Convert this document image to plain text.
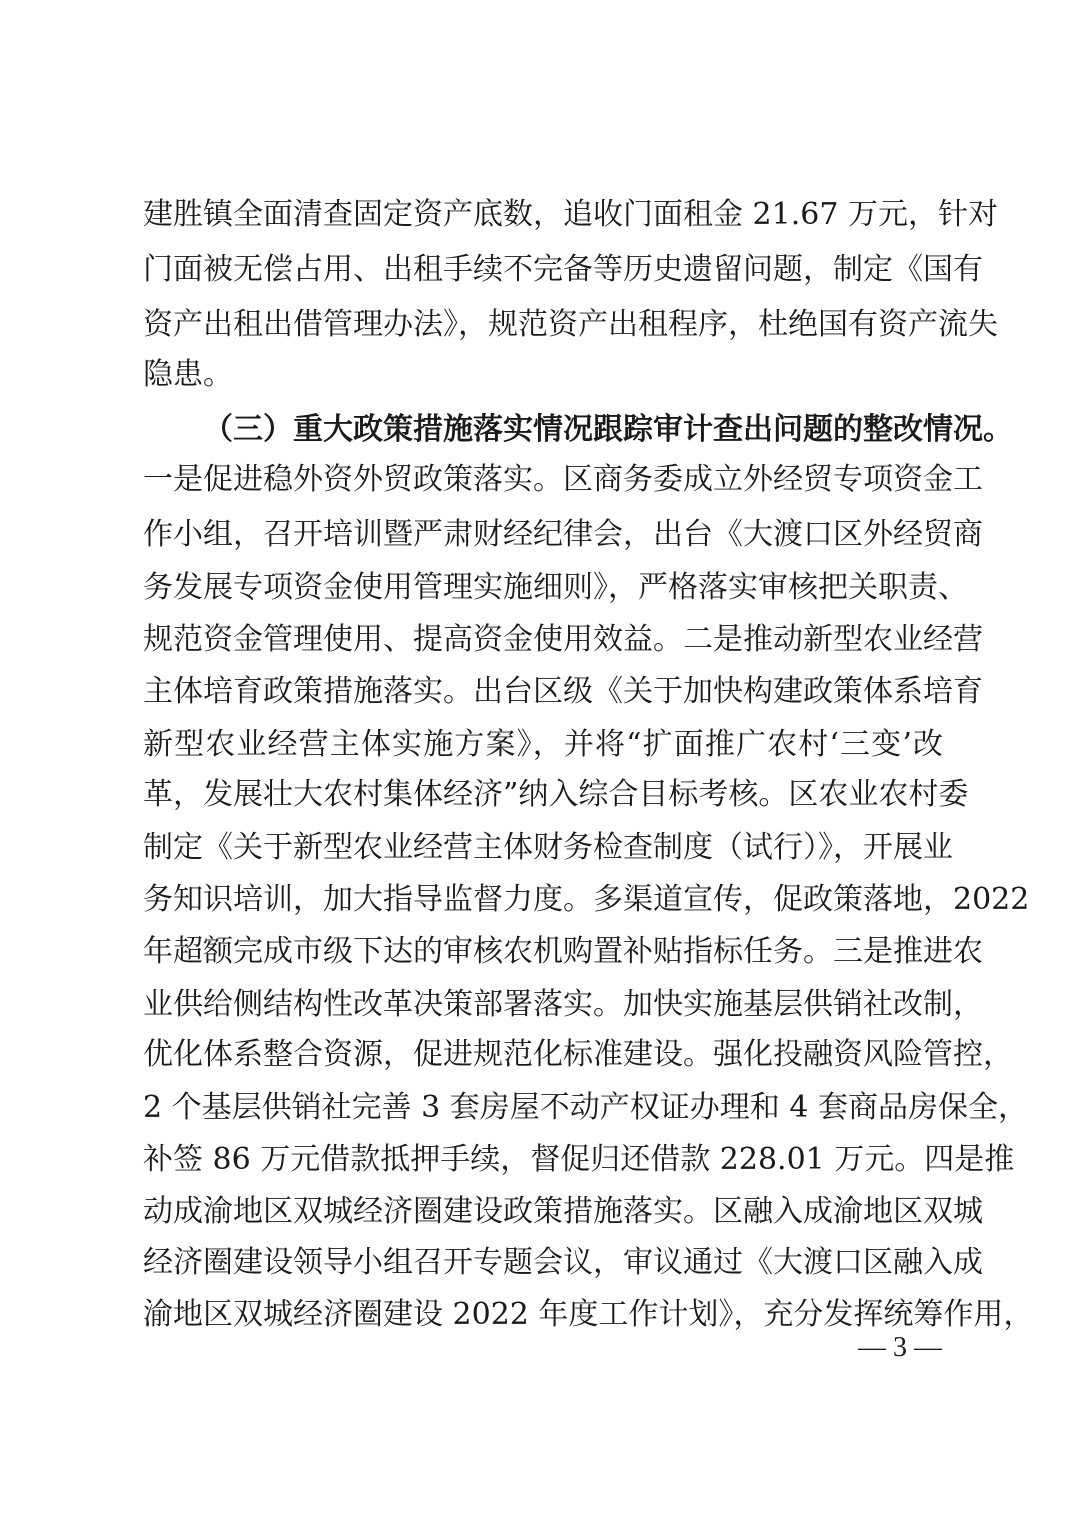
建胜镇全面清查固定资产底数，追收门面租金 21.67 万元，针对
门面被无偿占用、出租手续不完备等历史遗留问题，制定《国有
资产出租出借管理办法》，规范资产出租程序，杜绝国有资产流失
隐患。
（三）重大政策措施落实情况跟踪审计查出问题的整改情况。
一是促进稳外资外贸政策落实。区商务委成立外经贸专项资金工
作小组，召开培训暨严肃财经纪律会，出台《大渡口区外经贸商
务发展专项资金使用管理实施细则》，严格落实审核把关职责、
规范资金管理使用、提高资金使用效益。二是推动新型农业经营
主体培育政策措施落实。出台区级《关于加快构建政策体系培育
新型农业经营主体实施方案》，并将“扩面推广农村‘三变’改
革，发展壮大农村集体经济”纳入综合目标考核。区农业农村委
制定《关于新型农业经营主体财务检查制度（试行）》，开展业
务知识培训，加大指导监督力度。多渠道宣传，促政策落地，2022
年超额完成市级下达的审核农机购置补贴指标任务。三是推进农
业供给侧结构性改革决策部署落实。加快实施基层供销社改制，
优化体系整合资源，促进规范化标准建设。强化投融资风险管控，
2 个基层供销社完善 3 套房屋不动产权证办理和 4 套商品房保全，
补签 86 万元借款抵押手续，督促归还借款 228.01 万元。四是推
动成渝地区双城经济圈建设政策措施落实。区融入成渝地区双城
经济圈建设领导小组召开专题会议，审议通过《大渡口区融入成
渝地区双城经济圈建设 2022 年度工作计划》，充分发挥统筹作用，
— 3 —
